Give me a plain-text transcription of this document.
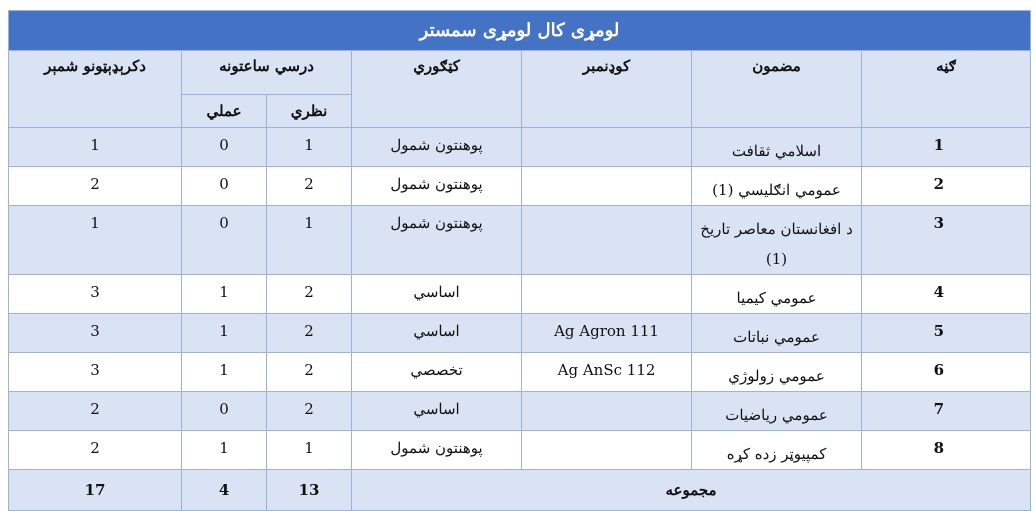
لومړی کال لومړی سمستر						
ګڼه	مضمون	کوډنمبر	کټګوري	درسي ساعتونه		دکرېډېټونو شمېر
				نظري	عملي	
1	اسلامي ثقافت		پوهنتون شمول	1	0	1
2	عمومي انګلیسي (1)		پوهنتون شمول	2	0	2
3	د افغانستان معاصر تاریخ (1)		پوهنتون شمول	1	0	1
4	عمومي کیمیا		اساسي	2	1	3
5	عمومي نباتات	Ag Agron 111	اساسي	2	1	3
6	عمومي زولوژي	Ag AnSc 112	تخصصي	2	1	3
7	عمومي ریاضیات		اساسي	2	0	2
8	کمپیوټر زده کړه		پوهنتون شمول	1	1	2
مجموعه				13	4	17
